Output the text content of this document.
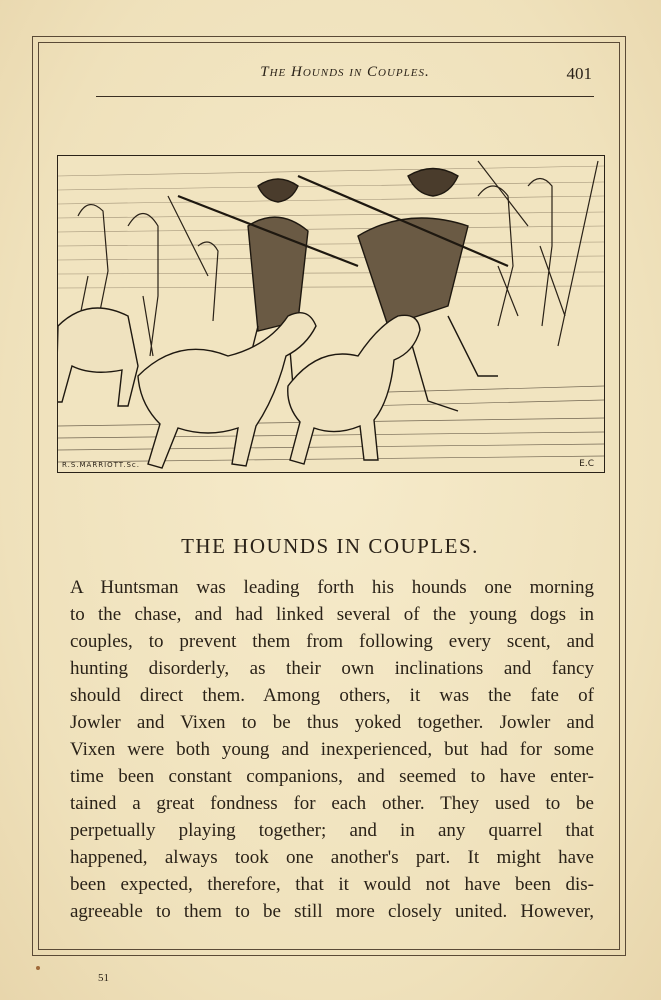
The Hounds in Couples.	401
R.S.MARRIOTT.Sc.	E.C
THE HOUNDS IN COUPLES.
A Huntsman was leading forth his hounds one morning
to the chase, and had linked several of the young dogs in
couples, to prevent them from following every scent, and
hunting disorderly, as their own inclinations and fancy
should direct them. Among others, it was the fate of
Jowler and Vixen to be thus yoked together. Jowler and
Vixen were both young and inexperienced, but had for some
time been constant companions, and seemed to have enter-
tained a great fondness for each other. They used to be
perpetually playing together; and in any quarrel that
happened, always took one another's part. It might have
been expected, therefore, that it would not have been dis-
agreeable to them to be still more closely united. However,
51
